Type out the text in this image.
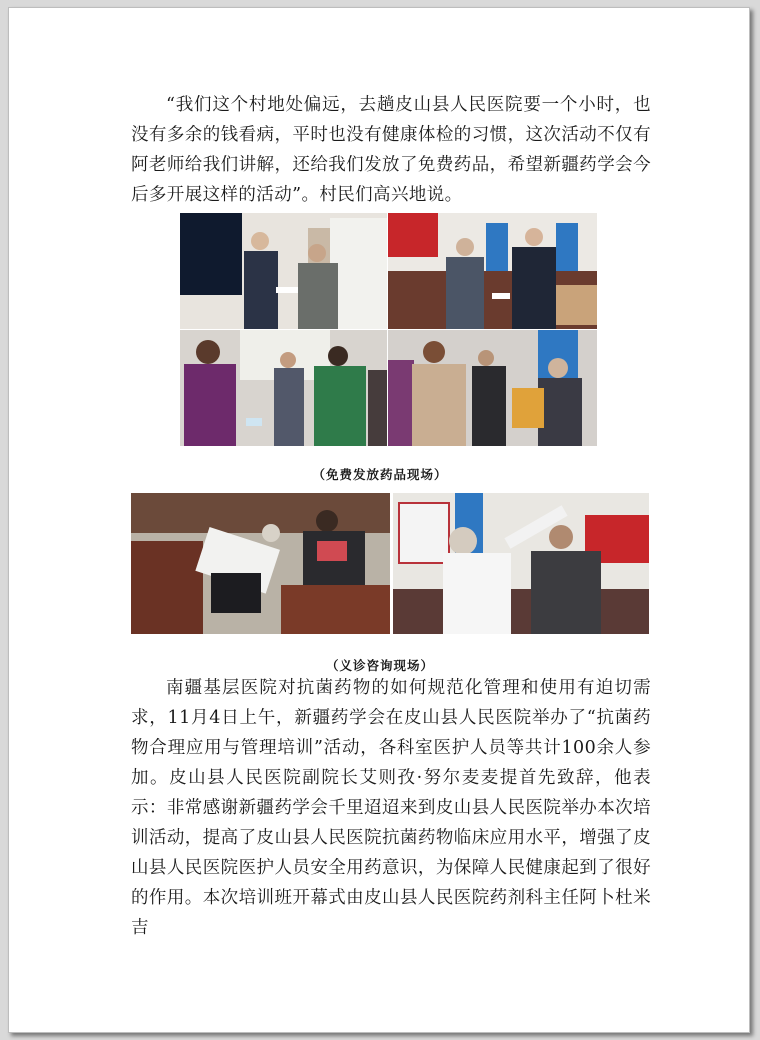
“我们这个村地处偏远，去趟皮山县人民医院要一个小时，也没有多余的钱看病，平时也没有健康体检的习惯，这次活动不仅有阿老师给我们讲解，还给我们发放了免费药品，希望新疆药学会今后多开展这样的活动”。村民们高兴地说。

（免费发放药品现场）
（义诊咨询现场）

南疆基层医院对抗菌药物的如何规范化管理和使用有迫切需求，11月4日上午，新疆药学会在皮山县人民医院举办了“抗菌药物合理应用与管理培训”活动，各科室医护人员等共计100余人参加。皮山县人民医院副院长艾则孜·努尔麦麦提首先致辞，他表示：非常感谢新疆药学会千里迢迢来到皮山县人民医院举办本次培训活动，提高了皮山县人民医院抗菌药物临床应用水平，增强了皮山县人民医院医护人员安全用药意识，为保障人民健康起到了很好的作用。本次培训班开幕式由皮山县人民医院药剂科主任阿卜杜米吉
